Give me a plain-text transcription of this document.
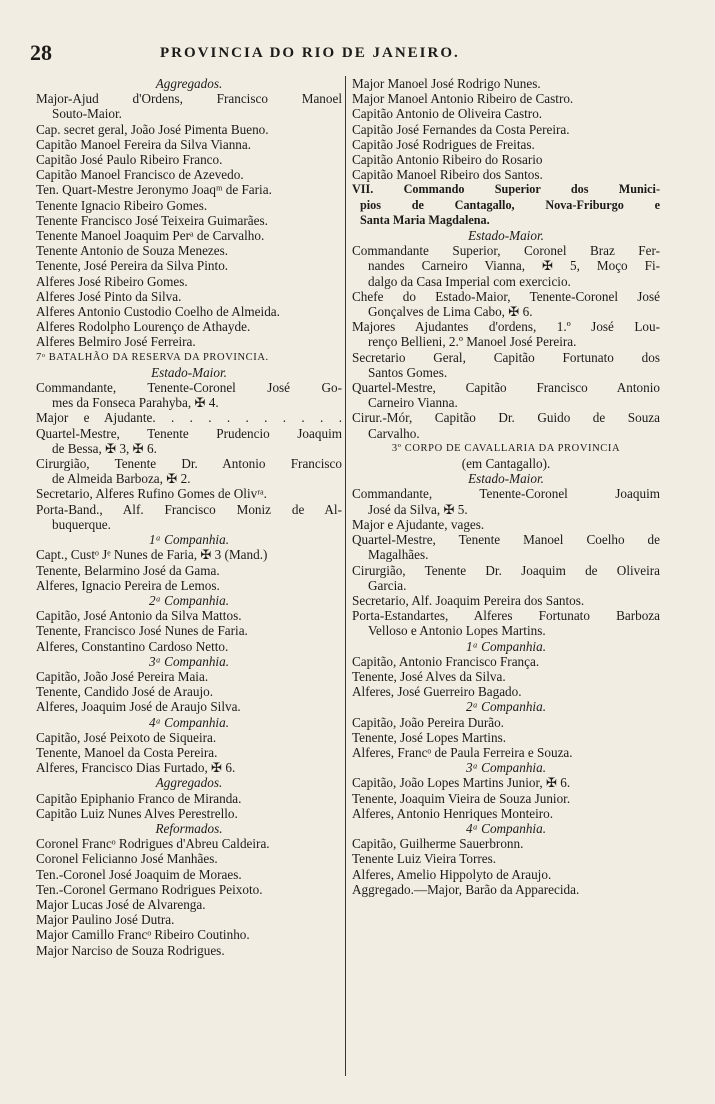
28	PROVINCIA DO RIO DE JANEIRO.
Aggregados.
Major-Ajud d'Ordens, Francisco Manoel
Souto-Maior.
Cap. secret geral, João José Pimenta Bueno.
Capitão Manoel Fereira da Silva Vianna.
Capitão José Paulo Ribeiro Franco.
Capitão Manoel Francisco de Azevedo.
Ten. Quart-Mestre Jeronymo Joaqᵐ de Faria.
Tenente Ignacio Ribeiro Gomes.
Tenente Francisco José Teixeira Guimarães.
Tenente Manoel Joaquim Perᵃ de Carvalho.
Tenente Antonio de Souza Menezes.
Tenente, José Pereira da Silva Pinto.
Alferes José Ribeiro Gomes.
Alferes José Pinto da Silva.
Alferes Antonio Custodio Coelho de Almeida.
Alferes Rodolpho Lourenço de Athayde.
Alferes Belmiro José Ferreira.
7ᵒ BATALHÃO DA RESERVA DA PROVINCIA.
Estado-Maior.
Commandante, Tenente-Coronel José Go-
mes da Fonseca Parahyba, ✠ 4.
Major e Ajudante. . . . . . . . . . .
Quartel-Mestre, Tenente Prudencio Joaquim
de Bessa, ✠ 3, ✠ 6.
Cirurgião, Tenente Dr. Antonio Francisco
de Almeida Barboza, ✠ 2.
Secretario, Alferes Rufino Gomes de Olivʳᵃ.
Porta-Band., Alf. Francisco Moniz de Al-
buquerque.
1ᵃ Companhia.
Capt., Custᵒ Jᵉ Nunes de Faria, ✠ 3 (Mand.)
Tenente, Belarmino José da Gama.
Alferes, Ignacio Pereira de Lemos.
2ᵃ Companhia.
Capitão, José Antonio da Silva Mattos.
Tenente, Francisco José Nunes de Faria.
Alferes, Constantino Cardoso Netto.
3ᵃ Companhia.
Capitão, João José Pereira Maia.
Tenente, Candido José de Araujo.
Alferes, Joaquim José de Araujo Silva.
4ᵃ Companhia.
Capitão, José Peixoto de Siqueira.
Tenente, Manoel da Costa Pereira.
Alferes, Francisco Dias Furtado, ✠ 6.
Aggregados.
Capitão Epiphanio Franco de Miranda.
Capitão Luiz Nunes Alves Perestrello.
Reformados.
Coronel Francᵒ Rodrigues d'Abreu Caldeira.
Coronel Felicianno José Manhães.
Ten.-Coronel José Joaquim de Moraes.
Ten.-Coronel Germano Rodrigues Peixoto.
Major Lucas José de Alvarenga.
Major Paulino José Dutra.
Major Camillo Francᵒ Ribeiro Coutinho.
Major Narciso de Souza Rodrigues.
Major Manoel José Rodrigo Nunes.
Major Manoel Antonio Ribeiro de Castro.
Capitão Antonio de Oliveira Castro.
Capitão José Fernandes da Costa Pereira.
Capitão José Rodrigues de Freitas.
Capitão Antonio Ribeiro do Rosario
Capitão Manoel Ribeiro dos Santos.
VII. Commando Superior dos Munici-
pios de Cantagallo, Nova-Friburgo e
Santa Maria Magdalena.
Estado-Maior.
Commandante Superior, Coronel Braz Fer-
nandes Carneiro Vianna, ✠ 5, Moço Fi-
dalgo da Casa Imperial com exercicio.
Chefe do Estado-Maior, Tenente-Coronel José
Gonçalves de Lima Cabo, ✠ 6.
Majores Ajudantes d'ordens, 1.º José Lou-
renço Bellieni, 2.º Manoel José Pereira.
Secretario Geral, Capitão Fortunato dos
Santos Gomes.
Quartel-Mestre, Capitão Francisco Antonio
Carneiro Vianna.
Cirur.-Mór, Capitão Dr. Guido de Souza
Carvalho.
3º CORPO DE CAVALLARIA DA PROVINCIA
(em Cantagallo).
Estado-Maior.
Commandante, Tenente-Coronel Joaquim
José da Silva, ✠ 5.
Major e Ajudante, vages.
Quartel-Mestre, Tenente Manoel Coelho de
Magalhães.
Cirurgião, Tenente Dr. Joaquim de Oliveira
Garcia.
Secretario, Alf. Joaquim Pereira dos Santos.
Porta-Estandartes, Alferes Fortunato Barboza
Velloso e Antonio Lopes Martins.
1ᵃ Companhia.
Capitão, Antonio Francisco França.
Tenente, José Alves da Silva.
Alferes, José Guerreiro Bagado.
2ᵃ Companhia.
Capitão, João Pereira Durão.
Tenente, José Lopes Martins.
Alferes, Francᵒ de Paula Ferreira e Souza.
3ᵃ Companhia.
Capitão, João Lopes Martins Junior, ✠ 6.
Tenente, Joaquim Vieira de Souza Junior.
Alferes, Antonio Henriques Monteiro.
4ᵃ Companhia.
Capitão, Guilherme Sauerbronn.
Tenente Luiz Vieira Torres.
Alferes, Amelio Hippolyto de Araujo.
Aggregado.—Major, Barão da Apparecida.
